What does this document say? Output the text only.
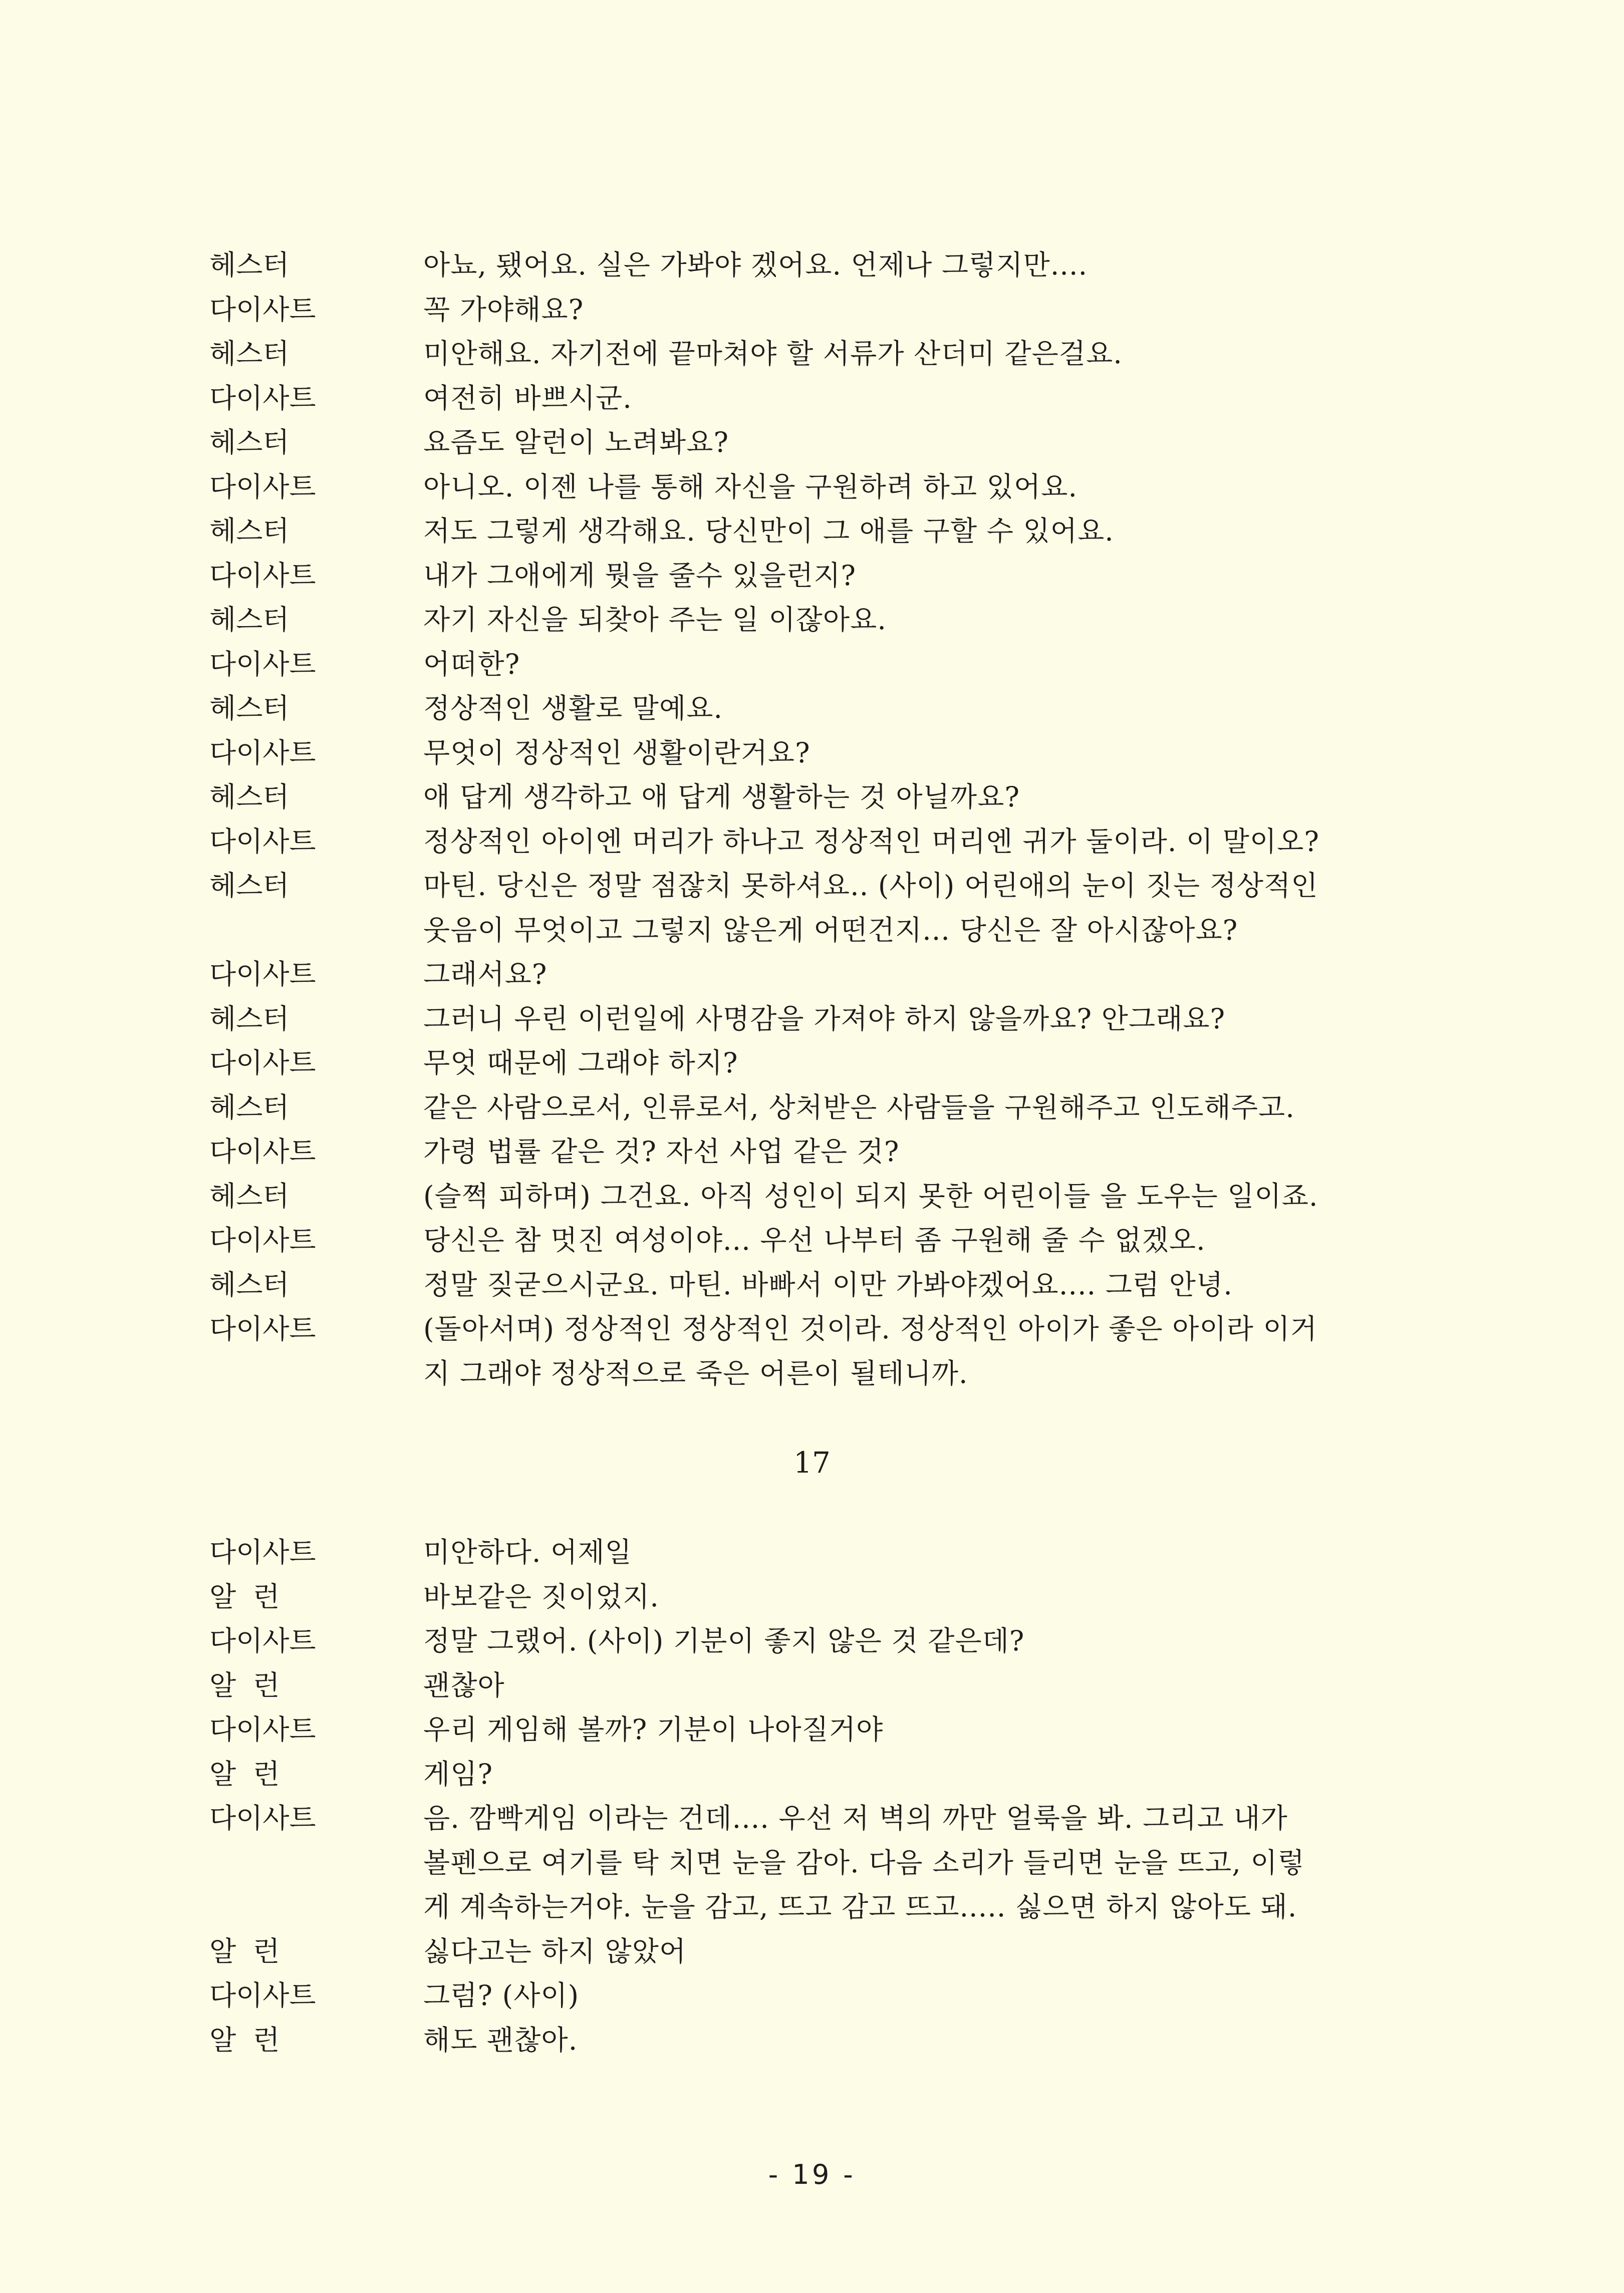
헤스터	아뇨, 됐어요. 실은 가봐야 겠어요. 언제나 그렇지만....
다이사트	꼭 가야해요?
헤스터	미안해요. 자기전에 끝마쳐야 할 서류가 산더미 같은걸요.
다이사트	여전히 바쁘시군.
헤스터	요즘도 알런이 노려봐요?
다이사트	아니오. 이젠 나를 통해 자신을 구원하려 하고 있어요.
헤스터	저도 그렇게 생각해요. 당신만이 그 애를 구할 수 있어요.
다이사트	내가 그애에게 뭣을 줄수 있을런지?
헤스터	자기 자신을 되찾아 주는 일 이잖아요.
다이사트	어떠한?
헤스터	정상적인 생활로 말예요.
다이사트	무엇이 정상적인 생활이란거요?
헤스터	애 답게 생각하고 애 답게 생활하는 것 아닐까요?
다이사트	정상적인 아이엔 머리가 하나고 정상적인 머리엔 귀가 둘이라. 이 말이오?
헤스터	마틴. 당신은 정말 점잖치 못하셔요.. (사이) 어린애의 눈이 짓는 정상적인
웃음이 무엇이고 그렇지 않은게 어떤건지... 당신은 잘 아시잖아요?
다이사트	그래서요?
헤스터	그러니 우린 이런일에 사명감을 가져야 하지 않을까요? 안그래요?
다이사트	무엇 때문에 그래야 하지?
헤스터	같은 사람으로서, 인류로서, 상처받은 사람들을 구원해주고 인도해주고.
다이사트	가령 법률 같은 것? 자선 사업 같은 것?
헤스터	(슬쩍 피하며) 그건요. 아직 성인이 되지 못한 어린이들 을 도우는 일이죠.
다이사트	당신은 참 멋진 여성이야... 우선 나부터 좀 구원해 줄 수 없겠오.
헤스터	정말 짖굳으시군요. 마틴. 바빠서 이만 가봐야겠어요.... 그럼 안녕.
다이사트	(돌아서며) 정상적인 정상적인 것이라. 정상적인 아이가 좋은 아이라 이거
지 그래야 정상적으로 죽은 어른이 될테니까.
17
다이사트	미안하다. 어제일
알런	바보같은 짓이었지.
다이사트	정말 그랬어. (사이) 기분이 좋지 않은 것 같은데?
알런	괜찮아
다이사트	우리 게임해 볼까? 기분이 나아질거야
알런	게임?
다이사트	음. 깜빡게임 이라는 건데.... 우선 저 벽의 까만 얼룩을 봐. 그리고 내가
볼펜으로 여기를 탁 치면 눈을 감아. 다음 소리가 들리면 눈을 뜨고, 이렇
게 계속하는거야. 눈을 감고, 뜨고 감고 뜨고..... 싫으면 하지 않아도 돼.
알런	싫다고는 하지 않았어
다이사트	그럼? (사이)
알런	해도 괜찮아.
- 19 -
